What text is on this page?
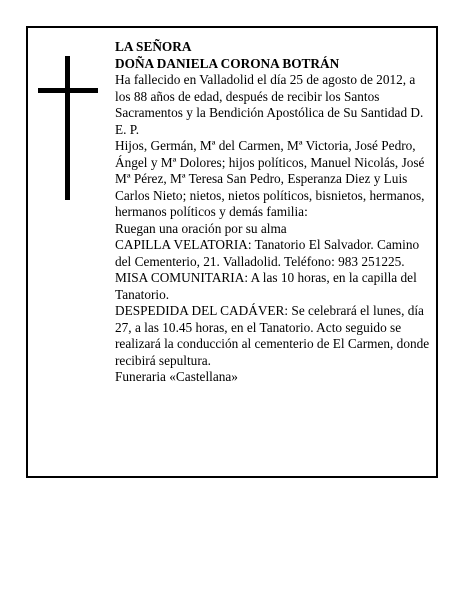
LA SEÑORA

DOÑA DANIELA CORONA BOTRÁN

Ha fallecido en Valladolid el día 25 de agosto de 2012, a los 88 años de edad, después de recibir los Santos Sacramentos y la Bendición Apostólica de Su Santidad D. E. P.

Hijos, Germán, Mª del Carmen, Mª Victoria, José Pedro, Ángel y Mª Dolores; hijos políticos, Manuel Nicolás, José Mª Pérez, Mª Teresa San Pedro, Esperanza Diez y Luis Carlos Nieto; nietos, nietos políticos, bisnietos, hermanos, hermanos políticos y demás familia:

Ruegan una oración por su alma

CAPILLA VELATORIA: Tanatorio El Salvador. Camino del Cementerio, 21. Valladolid. Teléfono: 983 251225.

MISA COMUNITARIA: A las 10 horas, en la capilla del Tanatorio.

DESPEDIDA DEL CADÁVER: Se celebrará el lunes, día 27, a las 10.45 horas, en el Tanatorio. Acto seguido se realizará la conducción al cementerio de El Carmen, donde recibirá sepultura.

Funeraria «Castellana»
